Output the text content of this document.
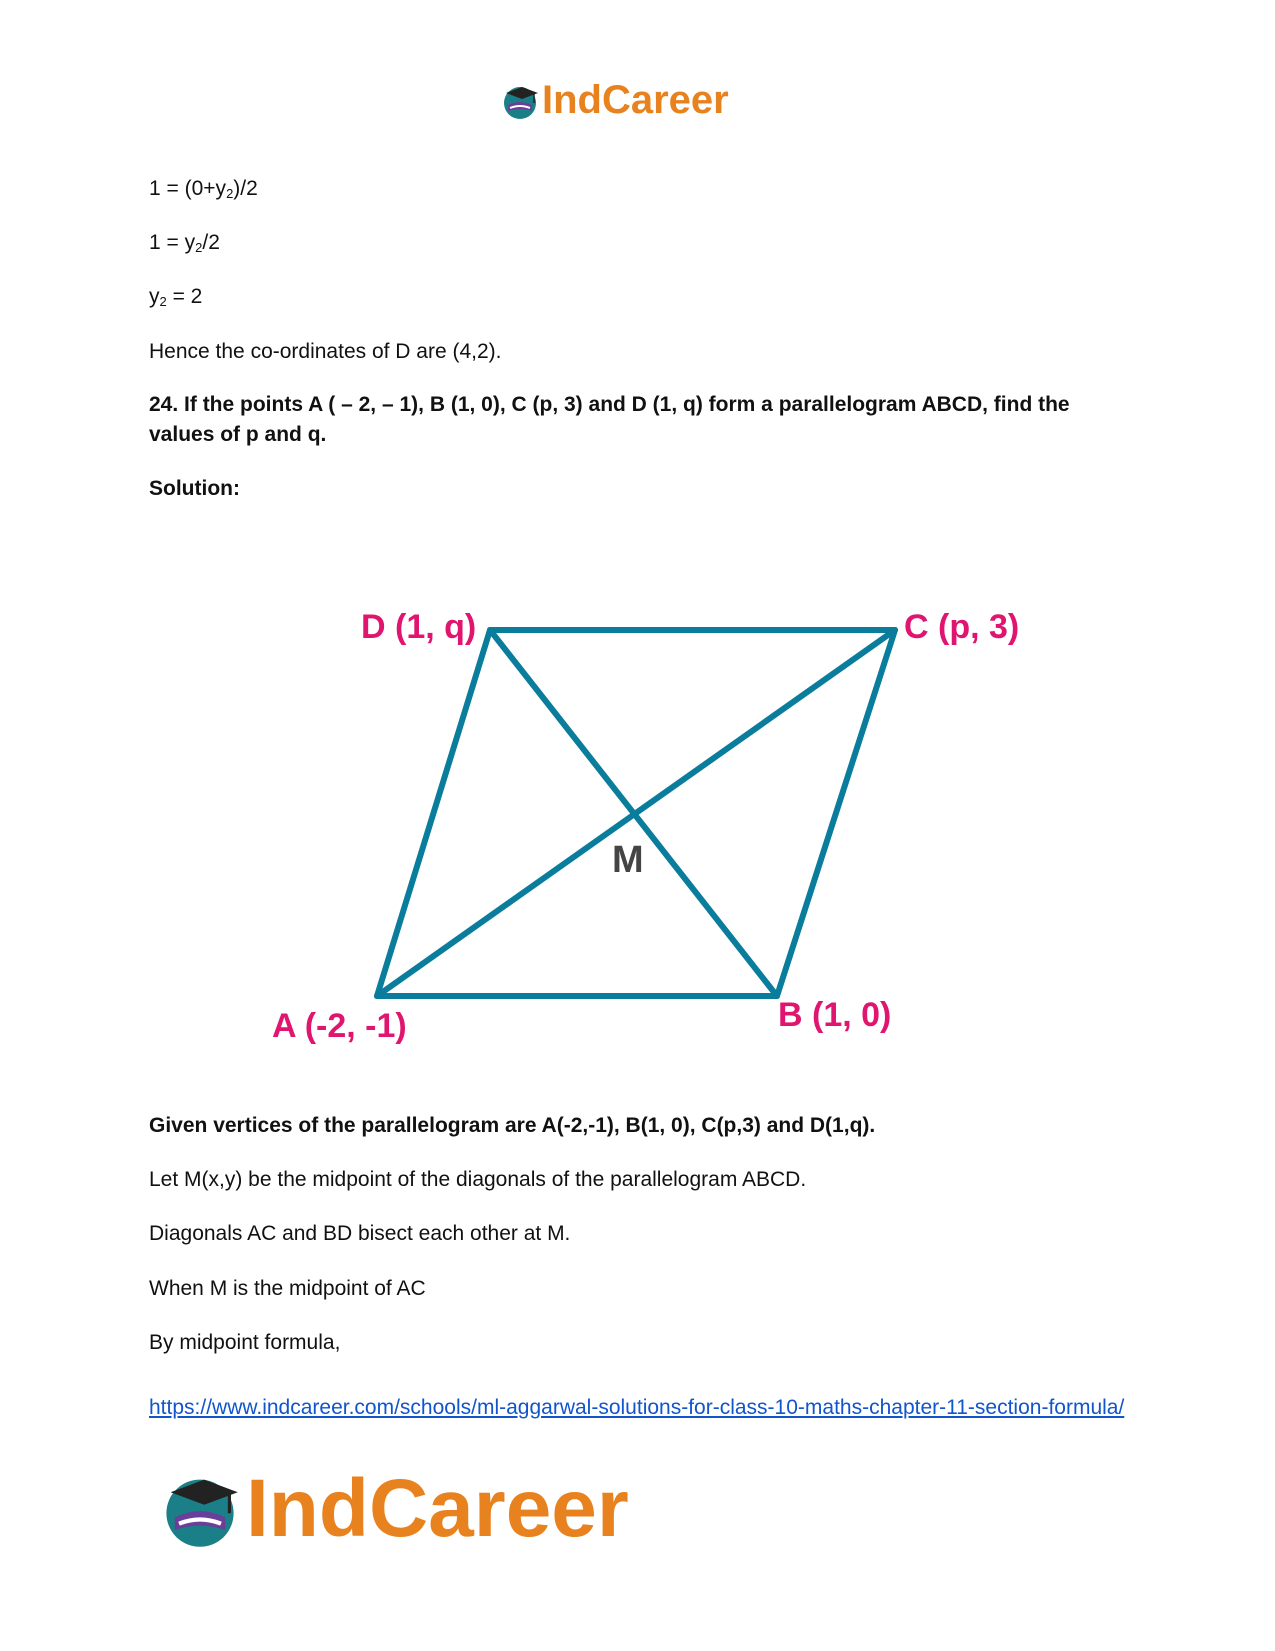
IndCareer
$1 = (0+y_2)/2$
$1 = y_2/2$
$y_2 = 2$
Hence the co-ordinates of D are (4,2).
24. If the points A ( – 2, – 1), B (1, 0), C (p, 3) and D (1, q) form a parallelogram ABCD, find the values of p and q.
Solution:
D (1, q)	C (p, 3)
A (-2, -1)	B (1, 0)
M
Given vertices of the parallelogram are A(-2,-1), B(1, 0), C(p,3) and D(1,q).
Let M(x,y) be the midpoint of the diagonals of the parallelogram ABCD.
Diagonals AC and BD bisect each other at M.
When M is the midpoint of AC
By midpoint formula,
https://www.indcareer.com/schools/ml-aggarwal-solutions-for-class-10-maths-chapter-11-section-formula/
IndCareer
